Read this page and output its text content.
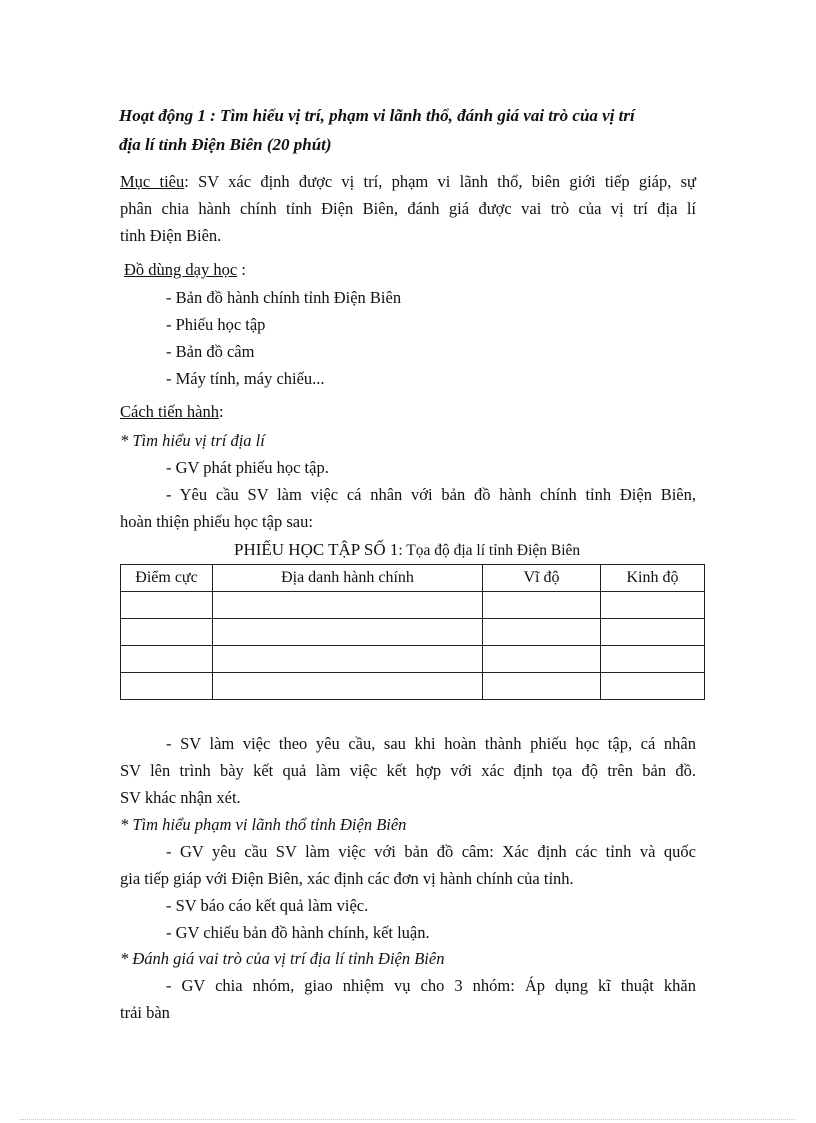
Hoạt động 1 : Tìm hiểu vị trí, phạm vi lãnh thổ, đánh giá vai trò của vị trí
địa lí tỉnh Điện Biên (20 phút)
Mục tiêu: SV xác định được vị trí, phạm vi lãnh thổ, biên giới tiếp giáp, sự
phân chia hành chính tỉnh Điện Biên, đánh giá được vai trò của vị trí địa lí
tỉnh Điện Biên.
Đồ dùng dạy học :
- Bản đồ hành chính tỉnh Điện Biên
- Phiếu học tập
- Bản đồ câm
- Máy tính, máy chiếu...
Cách tiến hành:
* Tìm hiểu vị trí địa lí
- GV phát phiếu học tập.
- Yêu cầu SV làm việc cá nhân với bản đồ hành chính tỉnh Điện Biên,
hoàn thiện phiếu học tập sau:
PHIẾU HỌC TẬP SỐ 1: Tọa độ địa lí tỉnh Điện Biên
Điểm cực	Địa danh hành chính	Vĩ độ	Kinh độ

- SV làm việc theo yêu cầu, sau khi hoàn thành phiếu học tập, cá nhân
SV lên trình bày kết quả làm việc kết hợp với xác định tọa độ trên bản đồ.
SV khác nhận xét.
* Tìm hiểu phạm vi lãnh thổ tỉnh Điện Biên
- GV yêu cầu SV làm việc với bản đồ câm: Xác định các tỉnh và quốc
gia tiếp giáp với Điện Biên, xác định các đơn vị hành chính của tỉnh.
- SV báo cáo kết quả làm việc.
- GV chiếu bản đồ hành chính, kết luận.
* Đánh giá vai trò của vị trí địa lí tỉnh Điện Biên
- GV chia nhóm, giao nhiệm vụ cho 3 nhóm: Áp dụng kĩ thuật khăn
trải bàn
